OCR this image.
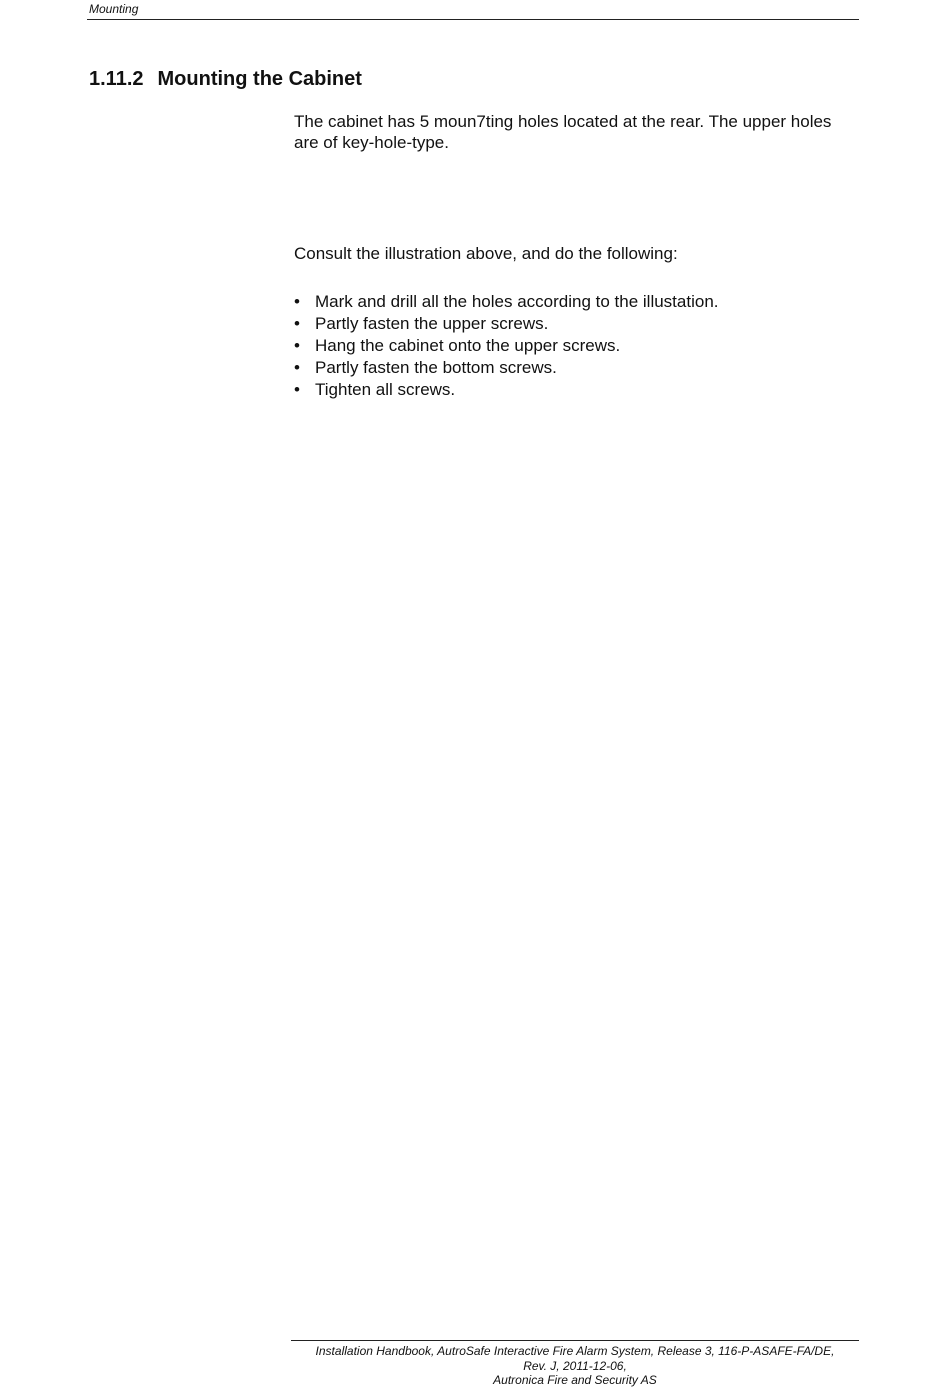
Mounting
1.11.2 Mounting the Cabinet

The cabinet has 5 moun7ting holes located at the rear. The upper holes are of key-hole-type.

Consult the illustration above, and do the following:

• Mark and drill all the holes according to the illustation.
• Partly fasten the upper screws.
• Hang the cabinet onto the upper screws.
• Partly fasten the bottom screws.
• Tighten all screws.
Installation Handbook, AutroSafe Interactive Fire Alarm System, Release 3, 116-P-ASAFE-FA/DE,
Rev. J, 2011-12-06,
Autronica Fire and Security AS
